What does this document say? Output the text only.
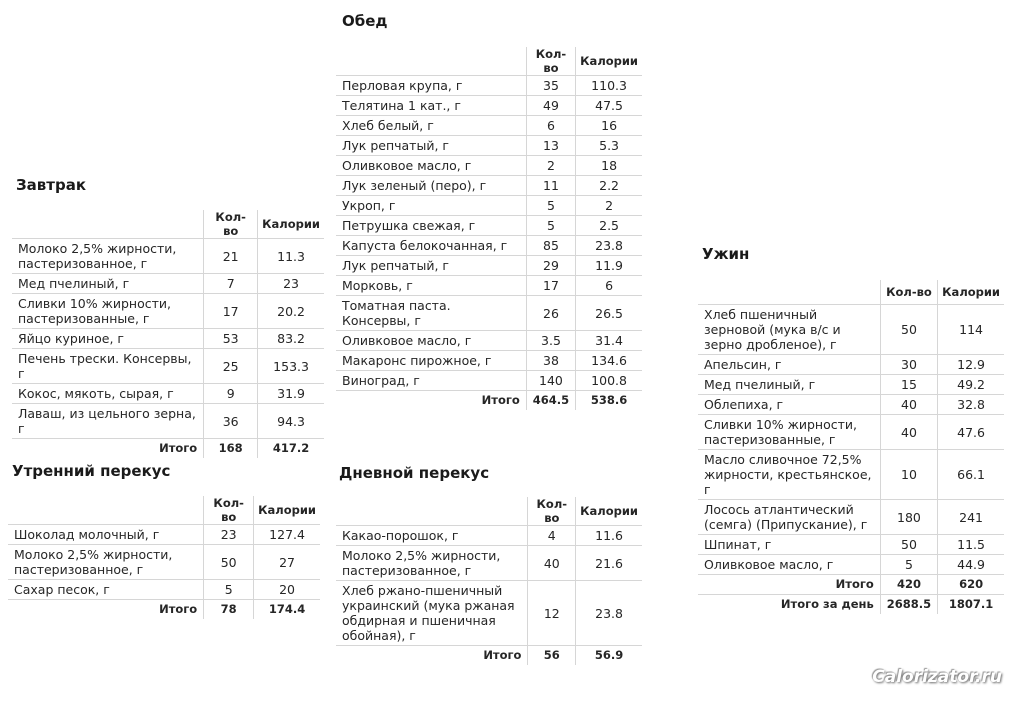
Завтрак
	Кол-во	Калории
Молоко 2,5% жирности, пастеризованное, г	21	11.3
Мед пчелиный, г	7	23
Сливки 10% жирности, пастеризованные, г	17	20.2
Яйцо куриное, г	53	83.2
Печень трески. Консервы, г	25	153.3
Кокос, мякоть, сырая, г	9	31.9
Лаваш, из цельного зерна, г	36	94.3
Итого	168	417.2
Утренний перекус
	Кол-во	Калории
Шоколад молочный, г	23	127.4
Молоко 2,5% жирности, пастеризованное, г	50	27
Сахар песок, г	5	20
Итого	78	174.4
Обед
	Кол-во	Калории
Перловая крупа, г	35	110.3
Телятина 1 кат., г	49	47.5
Хлеб белый, г	6	16
Лук репчатый, г	13	5.3
Оливковое масло, г	2	18
Лук зеленый (перо), г	11	2.2
Укроп, г	5	2
Петрушка свежая, г	5	2.5
Капуста белокочанная, г	85	23.8
Лук репчатый, г	29	11.9
Морковь, г	17	6
Томатная паста. Консервы, г	26	26.5
Оливковое масло, г	3.5	31.4
Макаронс пирожное, г	38	134.6
Виноград, г	140	100.8
Итого	464.5	538.6
Дневной перекус
	Кол-во	Калории
Какао-порошок, г	4	11.6
Молоко 2,5% жирности, пастеризованное, г	40	21.6
Хлеб ржано-пшеничный украинский (мука ржаная обдирная и пшеничная обойная), г	12	23.8
Итого	56	56.9
Ужин
	Кол-во	Калории
Хлеб пшеничный зерновой (мука в/с и зерно дробленое), г	50	114
Апельсин, г	30	12.9
Мед пчелиный, г	15	49.2
Облепиха, г	40	32.8
Сливки 10% жирности, пастеризованные, г	40	47.6
Масло сливочное 72,5% жирности, крестьянское, г	10	66.1
Лосось атлантический (семга) (Припускание), г	180	241
Шпинат, г	50	11.5
Оливковое масло, г	5	44.9
Итого	420	620
Итого за день	2688.5	1807.1
Calorizator.ru
